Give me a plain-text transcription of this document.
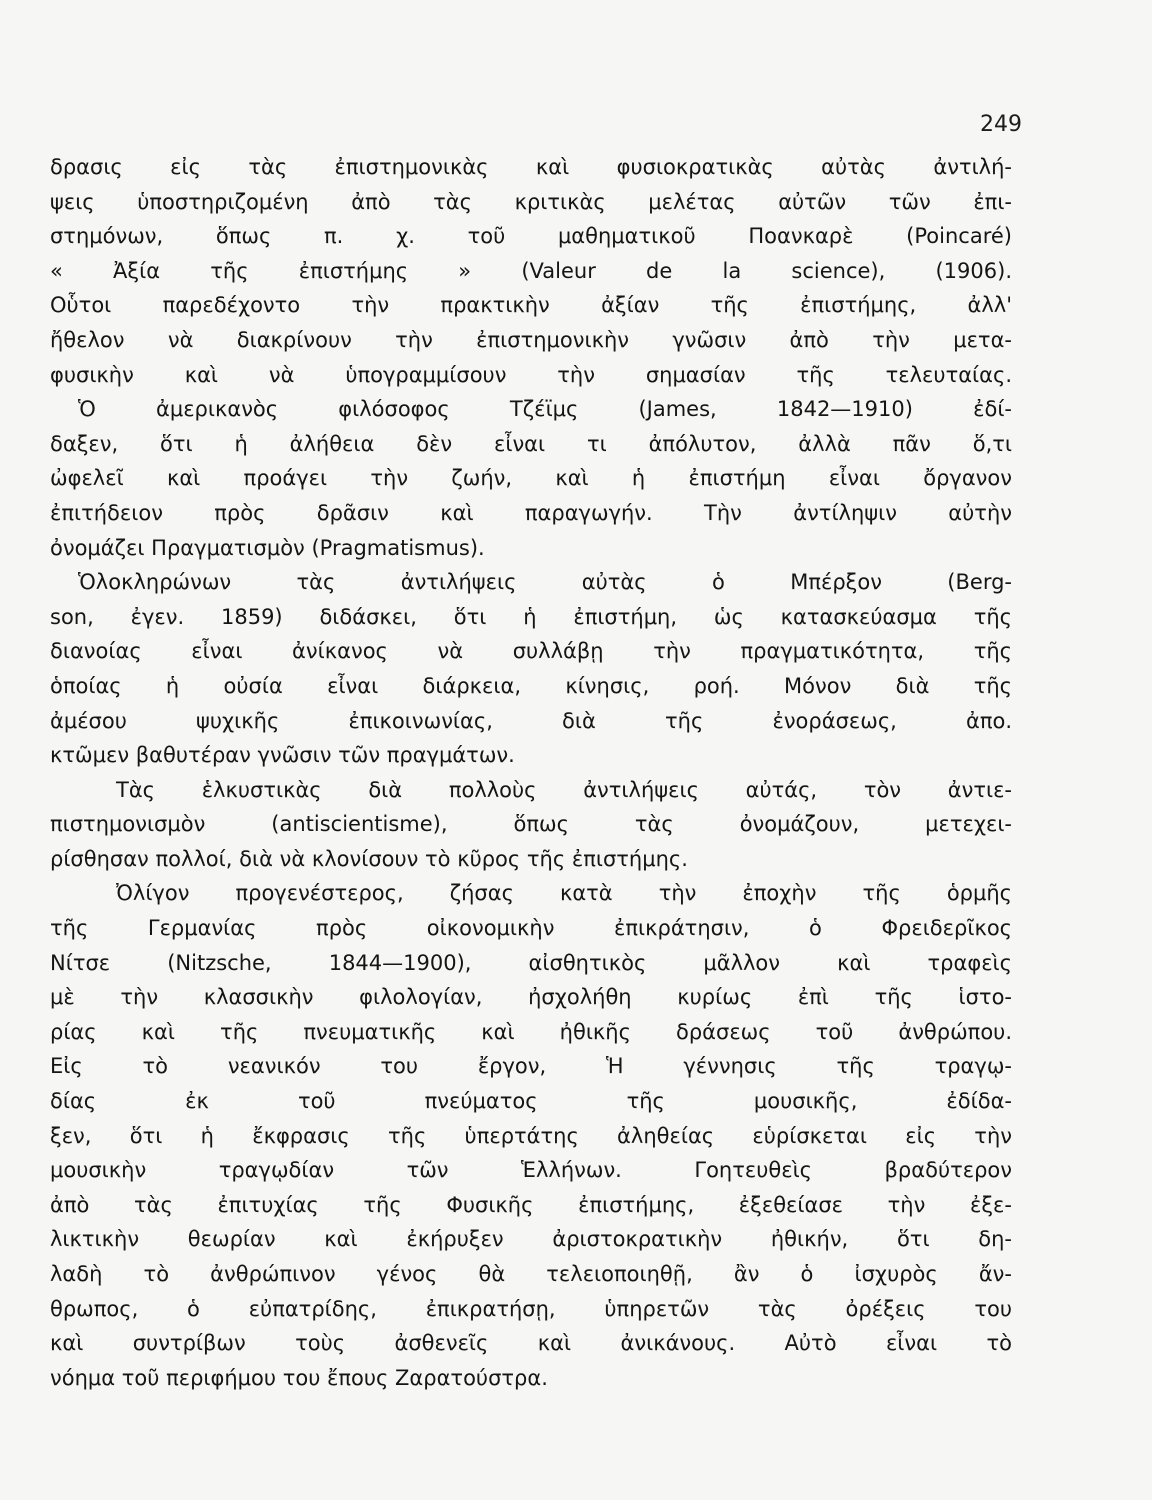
249
δρασις εἰς τὰς ἐπιστημονικὰς καὶ φυσιοκρατικὰς αὐτὰς ἀντιλή-
ψεις ὑποστηριζομένη ἀπὸ τὰς κριτικὰς μελέτας αὐτῶν τῶν ἐπι-
στημόνων, ὅπως π. χ. τοῦ μαθηματικοῦ Ποανκαρὲ (Poincaré)
« Ἀξία τῆς ἐπιστήμης » (Valeur de la science), (1906).
Οὗτοι παρεδέχοντο τὴν πρακτικὴν ἀξίαν τῆς ἐπιστήμης, ἀλλ'
ἤθελον νὰ διακρίνουν τὴν ἐπιστημονικὴν γνῶσιν ἀπὸ τὴν μετα-
φυσικὴν καὶ νὰ ὑπογραμμίσουν τὴν σημασίαν τῆς τελευταίας.
Ὁ ἀμερικανὸς φιλόσοφος Τζέϊμς (James, 1842—1910) ἐδί-
δαξεν, ὅτι ἡ ἀλήθεια δὲν εἶναι τι ἀπόλυτον, ἀλλὰ πᾶν ὅ,τι
ὠφελεῖ καὶ προάγει τὴν ζωήν, καὶ ἡ ἐπιστήμη εἶναι ὄργανον
ἐπιτήδειον πρὸς δρᾶσιν καὶ παραγωγήν. Τὴν ἀντίληψιν αὐτὴν
ὀνομάζει Πραγματισμὸν (Pragmatismus).
Ὁλοκληρώνων τὰς ἀντιλήψεις αὐτὰς ὁ Μπέρξον (Berg-
son, ἐγεν. 1859) διδάσκει, ὅτι ἡ ἐπιστήμη, ὡς κατασκεύασμα τῆς
διανοίας εἶναι ἀνίκανος νὰ συλλάβῃ τὴν πραγματικότητα, τῆς
ὁποίας ἡ οὐσία εἶναι διάρκεια, κίνησις, ροή. Μόνον διὰ τῆς
ἀμέσου ψυχικῆς ἐπικοινωνίας, διὰ τῆς ἐνοράσεως, ἀπο.
κτῶμεν βαθυτέραν γνῶσιν τῶν πραγμάτων.
Τὰς ἑλκυστικὰς διὰ πολλοὺς ἀντιλήψεις αὐτάς, τὸν ἀντιε-
πιστημονισμὸν (antiscientisme), ὅπως τὰς ὀνομάζουν, μετεχει-
ρίσθησαν πολλοί, διὰ νὰ κλονίσουν τὸ κῦρος τῆς ἐπιστήμης.
Ὀλίγον προγενέστερος, ζήσας κατὰ τὴν ἐποχὴν τῆς ὁρμῆς
τῆς Γερμανίας πρὸς οἰκονομικὴν ἐπικράτησιν, ὁ Φρειδερῖκος
Νίτσε (Nitzsche, 1844—1900), αἰσθητικὸς μᾶλλον καὶ τραφεὶς
μὲ τὴν κλασσικὴν φιλολογίαν, ἠσχολήθη κυρίως ἐπὶ τῆς ἱστο-
ρίας καὶ τῆς πνευματικῆς καὶ ἠθικῆς δράσεως τοῦ ἀνθρώπου.
Εἰς τὸ νεανικόν του ἔργον, Ἡ γέννησις τῆς τραγῳ-
δίας ἐκ τοῦ πνεύματος τῆς μουσικῆς, ἐδίδα-
ξεν, ὅτι ἡ ἔκφρασις τῆς ὑπερτάτης ἀληθείας εὑρίσκεται εἰς τὴν
μουσικὴν τραγῳδίαν τῶν Ἑλλήνων. Γοητευθεὶς βραδύτερον
ἀπὸ τὰς ἐπιτυχίας τῆς Φυσικῆς ἐπιστήμης, ἐξεθείασε τὴν ἐξε-
λικτικὴν θεωρίαν καὶ ἐκήρυξεν ἀριστοκρατικὴν ἠθικήν, ὅτι δη-
λαδὴ τὸ ἀνθρώπινον γένος θὰ τελειοποιηθῇ, ἂν ὁ ἰσχυρὸς ἄν-
θρωπος, ὁ εὐπατρίδης, ἐπικρατήσῃ, ὑπηρετῶν τὰς ὀρέξεις του
καὶ συντρίβων τοὺς ἀσθενεῖς καὶ ἀνικάνους. Αὐτὸ εἶναι τὸ
νόημα τοῦ περιφήμου του ἔπους Ζαρατούστρα.
